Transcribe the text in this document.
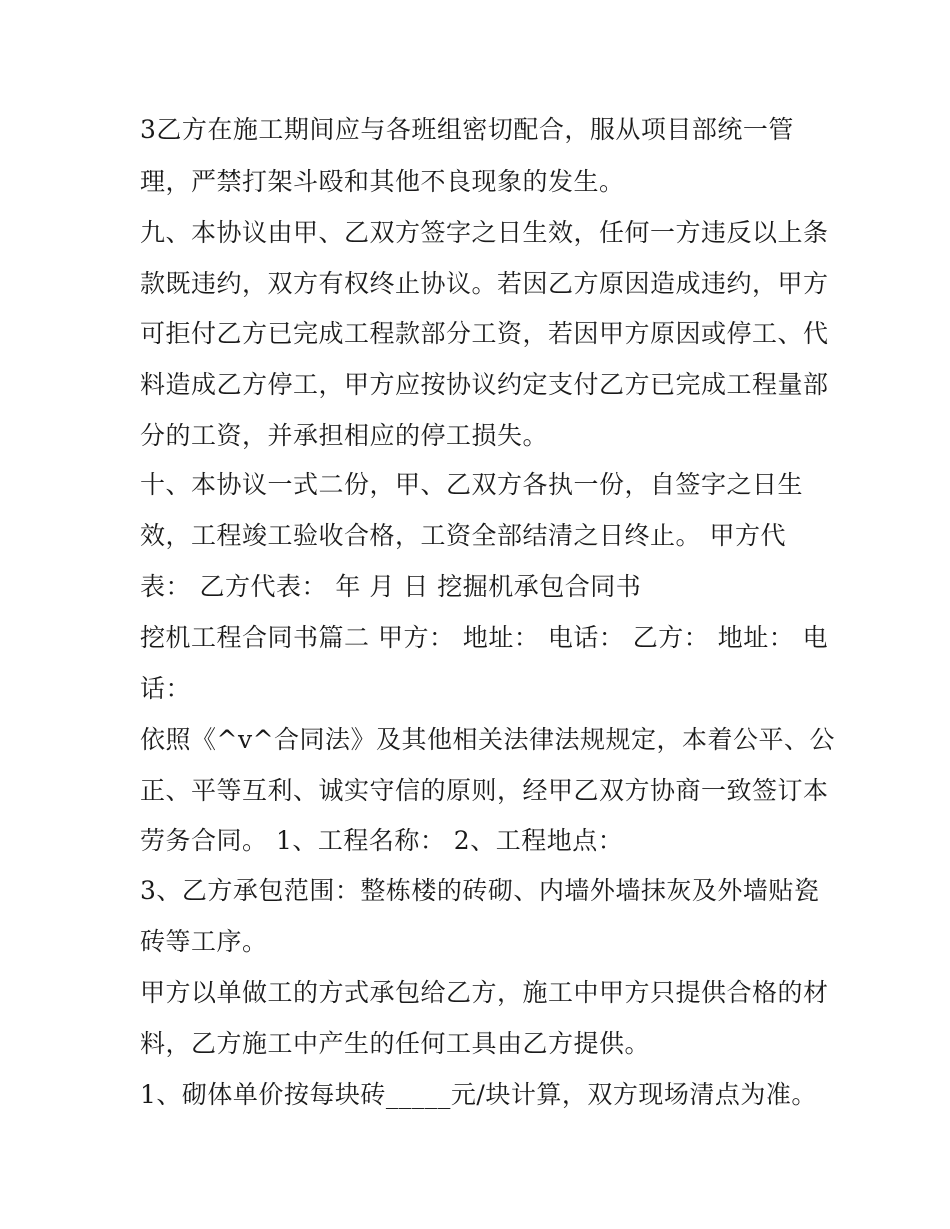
3乙方在施工期间应与各班组密切配合，服从项目部统一管
理，严禁打架斗殴和其他不良现象的发生。
九、本协议由甲、乙双方签字之日生效，任何一方违反以上条
款既违约，双方有权终止协议。若因乙方原因造成违约，甲方
可拒付乙方已完成工程款部分工资，若因甲方原因或停工、代
料造成乙方停工，甲方应按协议约定支付乙方已完成工程量部
分的工资，并承担相应的停工损失。
十、本协议一式二份，甲、乙双方各执一份，自签字之日生
效，工程竣工验收合格，工资全部结清之日终止。 甲方代
表： 乙方代表： 年 月 日 挖掘机承包合同书
挖机工程合同书篇二 甲方： 地址： 电话： 乙方： 地址： 电
话：
依照《^v^合同法》及其他相关法律法规规定，本着公平、公
正、平等互利、诚实守信的原则，经甲乙双方协商一致签订本
劳务合同。 1、工程名称： 2、工程地点：
3、乙方承包范围：整栋楼的砖砌、内墙外墙抹灰及外墙贴瓷
砖等工序。
甲方以单做工的方式承包给乙方，施工中甲方只提供合格的材
料，乙方施工中产生的任何工具由乙方提供。
1、砌体单价按每块砖_____元/块计算，双方现场清点为准。
